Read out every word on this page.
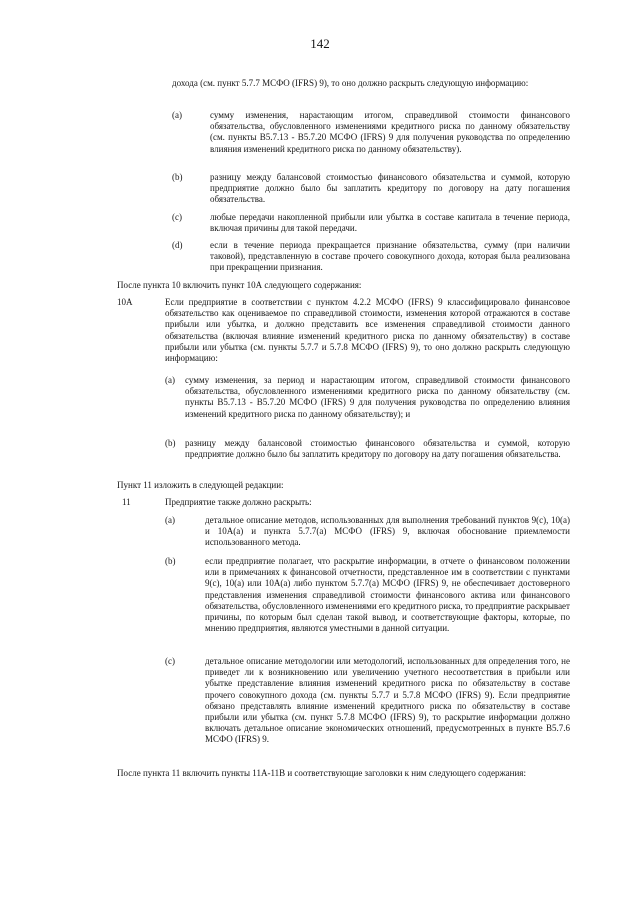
142
дохода (см. пункт 5.7.7 МСФО (IFRS) 9), то оно должно раскрыть следующую информацию:
(a)	сумму изменения, нарастающим итогом, справедливой стоимости финансового обязательства, обусловленного изменениями кредитного риска по данному обязательству (см. пункты B5.7.13 - B5.7.20 МСФО (IFRS) 9 для получения руководства по определению влияния изменений кредитного риска по данному обязательству).
(b)	разницу между балансовой стоимостью финансового обязательства и суммой, которую предприятие должно было бы заплатить кредитору по договору на дату погашения обязательства.
(c)	любые передачи накопленной прибыли или убытка в составе капитала в течение периода, включая причины для такой передачи.
(d)	если в течение периода прекращается признание обязательства, сумму (при наличии таковой), представленную в составе прочего совокупного дохода, которая была реализована при прекращении признания.
После пункта 10 включить пункт 10А следующего содержания:
10A	Если предприятие в соответствии с пунктом 4.2.2 МСФО (IFRS) 9 классифицировало финансовое обязательство как оцениваемое по справедливой стоимости, изменения которой отражаются в составе прибыли или убытка, и должно представить все изменения справедливой стоимости данного обязательства (включая влияние изменений кредитного риска по данному обязательству) в составе прибыли или убытка (см. пункты 5.7.7 и 5.7.8 МСФО (IFRS) 9), то оно должно раскрыть следующую информацию:
(a) сумму изменения, за период и нарастающим итогом, справедливой стоимости финансового обязательства, обусловленного изменениями кредитного риска по данному обязательству (см. пункты B5.7.13 - B5.7.20 МСФО (IFRS) 9 для получения руководства по определению влияния изменений кредитного риска по данному обязательству); и
(b) разницу между балансовой стоимостью финансового обязательства и суммой, которую предприятие должно было бы заплатить кредитору по договору на дату погашения обязательства.
Пункт 11 изложить в следующей редакции:
11	Предприятие также должно раскрыть:
(a)	детальное описание методов, использованных для выполнения требований пунктов 9(c), 10(a) и 10A(a) и пункта 5.7.7(a) МСФО (IFRS) 9, включая обоснование приемлемости использованного метода.
(b)	если предприятие полагает, что раскрытие информации, в отчете о финансовом положении или в примечаниях к финансовой отчетности, представленное им в соответствии с пунктами 9(c), 10(a) или 10A(a) либо пунктом 5.7.7(a) МСФО (IFRS) 9, не обеспечивает достоверного представления изменения справедливой стоимости финансового актива или финансового обязательства, обусловленного изменениями его кредитного риска, то предприятие раскрывает причины, по которым был сделан такой вывод, и соответствующие факторы, которые, по мнению предприятия, являются уместными в данной ситуации.
(c)	детальное описание методологии или методологий, использованных для определения того, не приведет ли к возникновению или увеличению учетного несоответствия в прибыли или убытке представление влияния изменений кредитного риска по обязательству в составе прочего совокупного дохода (см. пункты 5.7.7 и 5.7.8 МСФО (IFRS) 9). Если предприятие обязано представлять влияние изменений кредитного риска по обязательству в составе прибыли или убытка (см. пункт 5.7.8 МСФО (IFRS) 9), то раскрытие информации должно включать детальное описание экономических отношений, предусмотренных в пункте B5.7.6 МСФО (IFRS) 9.
После пункта 11 включить пункты 11А-11В и соответствующие заголовки к ним следующего содержания:
